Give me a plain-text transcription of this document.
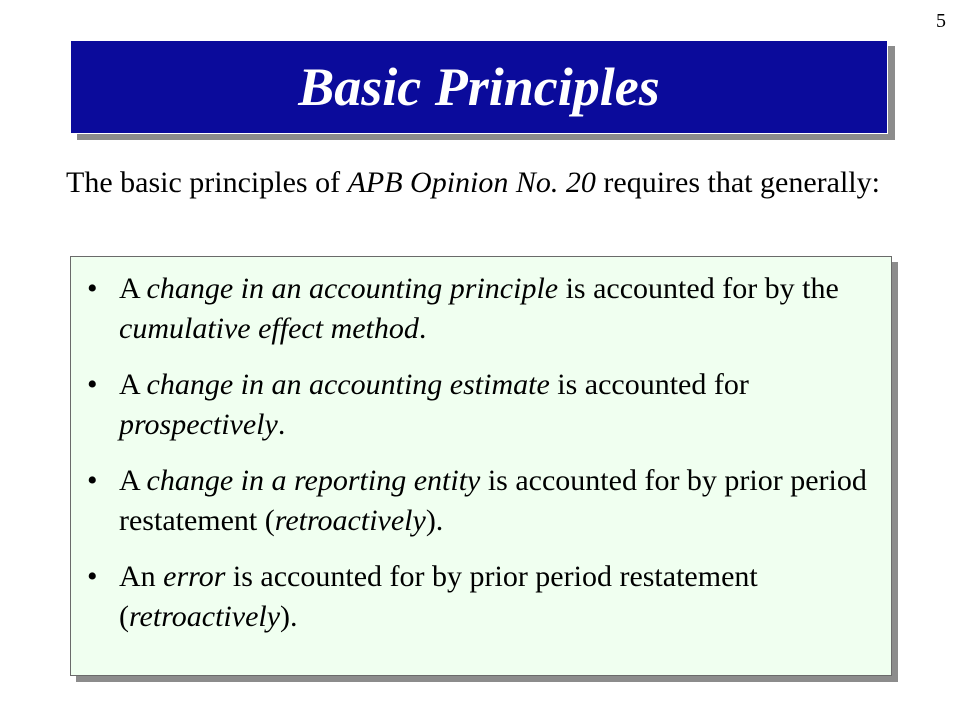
5
Basic Principles
The basic principles of APB Opinion No. 20 requires that generally:
• A change in an accounting principle is accounted for by the cumulative effect method.
• A change in an accounting estimate is accounted for prospectively.
• A change in a reporting entity is accounted for by prior period restatement (retroactively).
• An error is accounted for by prior period restatement (retroactively).
